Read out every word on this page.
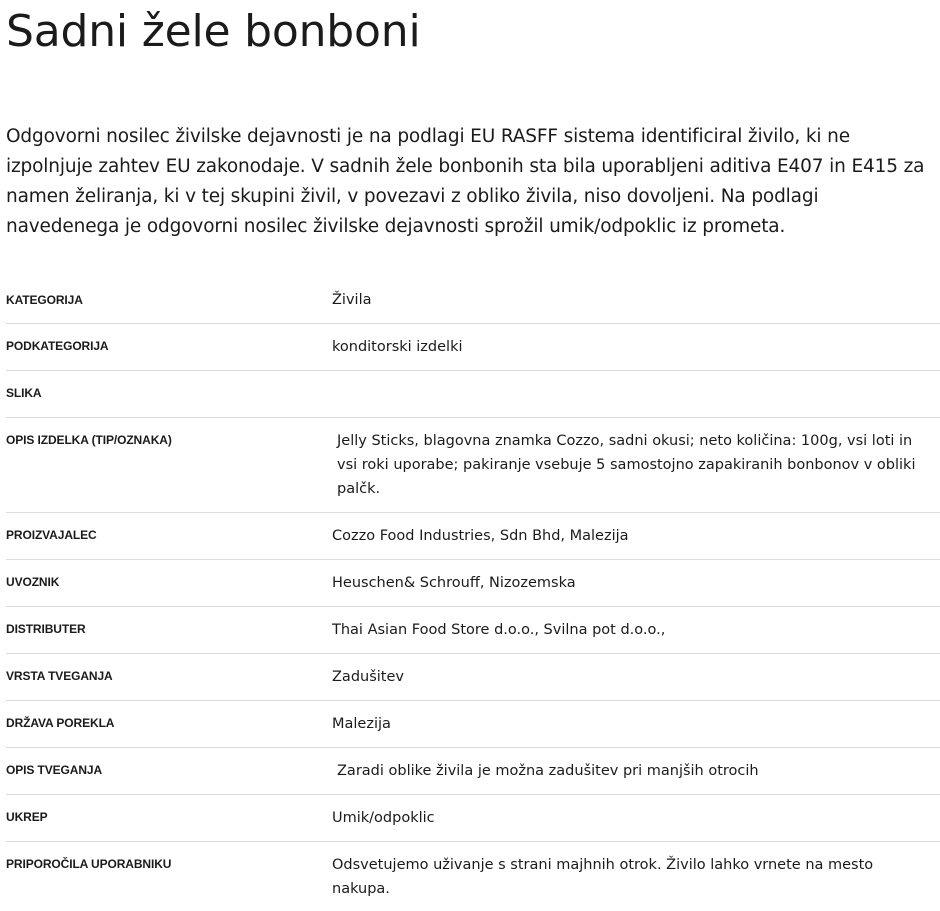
Sadni žele bonboni

Odgovorni nosilec živilske dejavnosti je na podlagi EU RASFF sistema identificiral živilo, ki ne izpolnjuje zahtev EU zakonodaje. V sadnih žele bonbonih sta bila uporabljeni aditiva E407 in E415 za namen želiranja, ki v tej skupini živil, v povezavi z obliko živila, niso dovoljeni. Na podlagi navedenega je odgovorni nosilec živilske dejavnosti sprožil umik/odpoklic iz prometa.

KATEGORIJA	Živila
PODKATEGORIJA	konditorski izdelki
SLIKA
OPIS IZDELKA (TIP/OZNAKA)	Jelly Sticks, blagovna znamka Cozzo, sadni okusi; neto količina: 100g, vsi loti in vsi roki uporabe; pakiranje vsebuje 5 samostojno zapakiranih bonbonov v obliki palčk.
PROIZVAJALEC	Cozzo Food Industries, Sdn Bhd, Malezija
UVOZNIK	Heuschen& Schrouff, Nizozemska
DISTRIBUTER	Thai Asian Food Store d.o.o., Svilna pot d.o.o.,
VRSTA TVEGANJA	Zadušitev
DRŽAVA POREKLA	Malezija
OPIS TVEGANJA	Zaradi oblike živila je možna zadušitev pri manjših otrocih
UKREP	Umik/odpoklic
PRIPOROČILA UPORABNIKU	Odsvetujemo uživanje s strani majhnih otrok. Živilo lahko vrnete na mesto nakupa.
